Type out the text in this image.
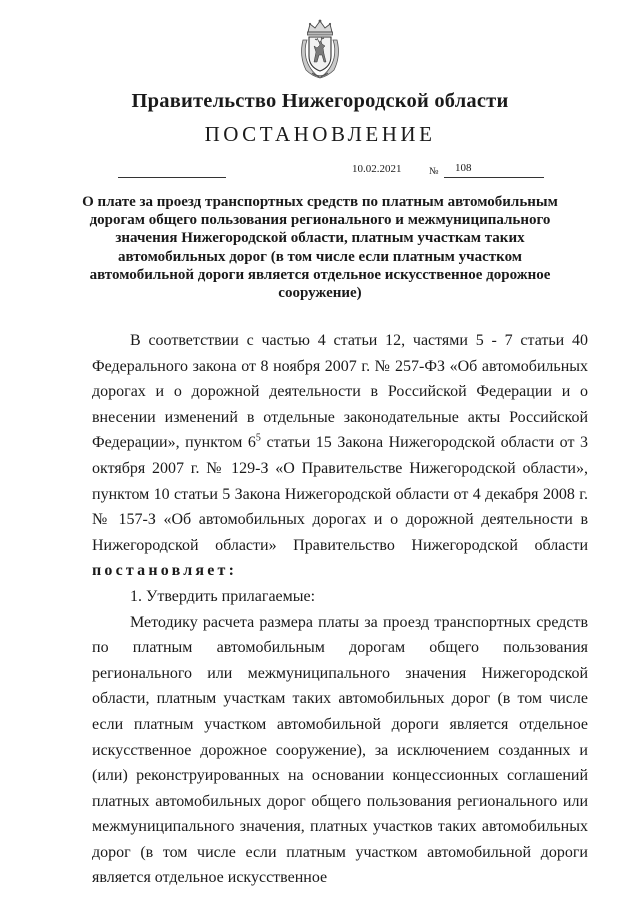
Правительство Нижегородской области
ПОСТАНОВЛЕНИЕ
10.02.2021	№ 108
О плате за проезд транспортных средств по платным автомобильным дорогам общего пользования регионального и межмуниципального значения Нижегородской области, платным участкам таких автомобильных дорог (в том числе если платным участком автомобильной дороги является отдельное искусственное дорожное сооружение)

В соответствии с частью 4 статьи 12, частями 5 - 7 статьи 40 Федерального закона от 8 ноября 2007 г. № 257-ФЗ «Об автомобильных дорогах и о дорожной деятельности в Российской Федерации и о внесении изменений в отдельные законодательные акты Российской Федерации», пунктом $6^5$ статьи 15 Закона Нижегородской области от 3 октября 2007 г. № 129-З «О Правительстве Нижегородской области», пунктом 10 статьи 5 Закона Нижегородской области от 4 декабря 2008 г. № 157-З «Об автомобильных дорогах и о дорожной деятельности в Нижегородской области» Правительство Нижегородской области постановляет:

1. Утвердить прилагаемые:

Методику расчета размера платы за проезд транспортных средств по платным автомобильным дорогам общего пользования регионального или межмуниципального значения Нижегородской области, платным участкам таких автомобильных дорог (в том числе если платным участком автомобильной дороги является отдельное искусственное дорожное сооружение), за исключением созданных и (или) реконструированных на основании концессионных соглашений платных автомобильных дорог общего пользования регионального или межмуниципального значения, платных участков таких автомобильных дорог (в том числе если платным участком автомобильной дороги является отдельное искусственное
